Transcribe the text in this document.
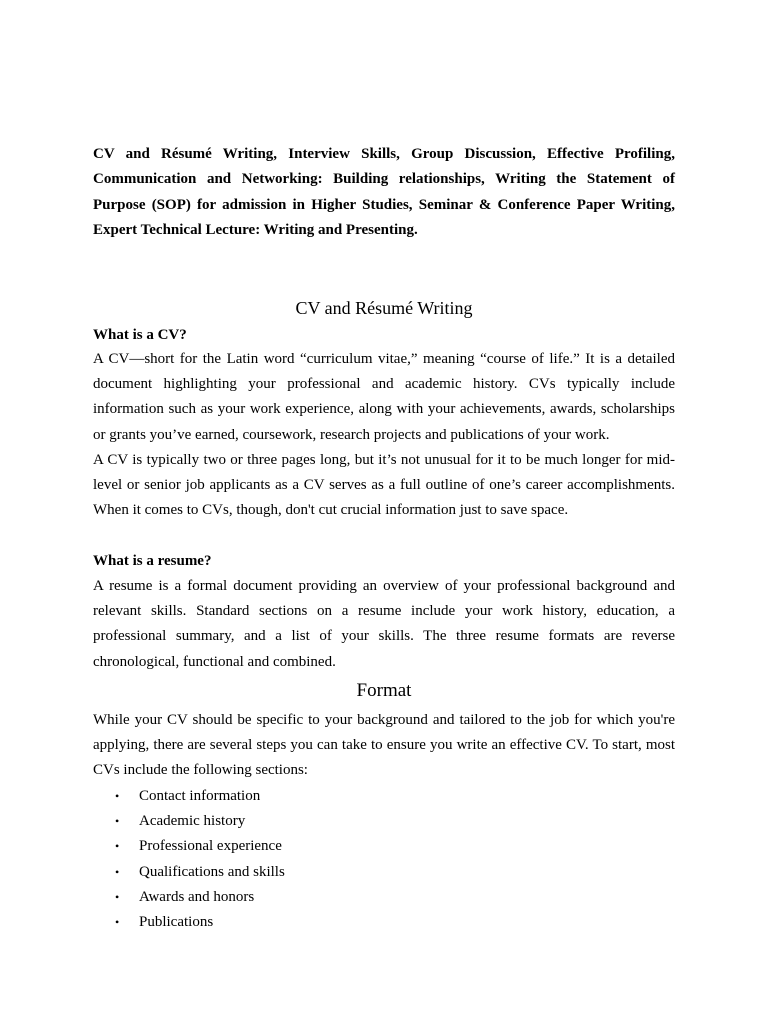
CV and Résumé Writing, Interview Skills, Group Discussion, Effective Profiling, Communication and Networking: Building relationships, Writing the Statement of Purpose (SOP) for admission in Higher Studies, Seminar & Conference Paper Writing, Expert Technical Lecture: Writing and Presenting.

CV and Résumé Writing
What is a CV?

A CV—short for the Latin word “curriculum vitae,” meaning “course of life.” It is a detailed document highlighting your professional and academic history. CVs typically include information such as your work experience, along with your achievements, awards, scholarships or grants you’ve earned, coursework, research projects and publications of your work.

A CV is typically two or three pages long, but it’s not unusual for it to be much longer for mid-level or senior job applicants as a CV serves as a full outline of one’s career accomplishments. When it comes to CVs, though, don't cut crucial information just to save space.

What is a resume?

A resume is a formal document providing an overview of your professional background and relevant skills. Standard sections on a resume include your work history, education, a professional summary, and a list of your skills. The three resume formats are reverse chronological, functional and combined.

Format

While your CV should be specific to your background and tailored to the job for which you're applying, there are several steps you can take to ensure you write an effective CV. To start, most CVs include the following sections:

• Contact information
• Academic history
• Professional experience
• Qualifications and skills
• Awards and honors
• Publications
